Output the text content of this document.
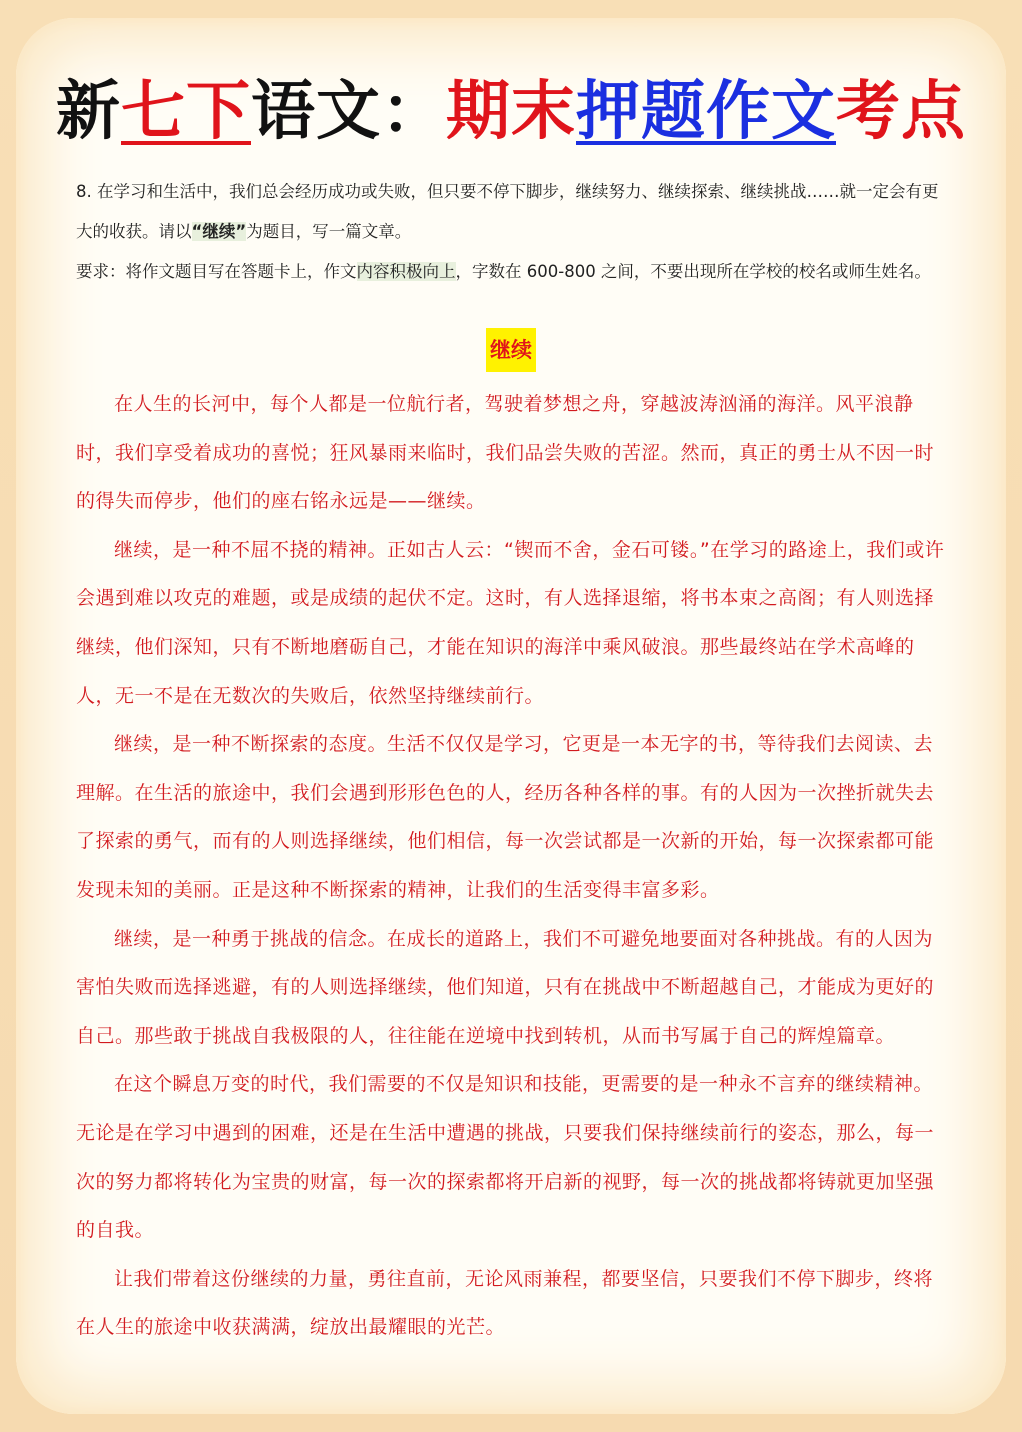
新七下语文：期末押题作文考点

8. 在学习和生活中，我们总会经历成功或失败，但只要不停下脚步，继续努力、继续探索、继续挑战……就一定会有更大的收获。请以“继续”为题目，写一篇文章。

要求：将作文题目写在答题卡上，作文内容积极向上，字数在 600-800 之间，不要出现所在学校的校名或师生姓名。

继续

在人生的长河中，每个人都是一位航行者，驾驶着梦想之舟，穿越波涛汹涌的海洋。风平浪静时，我们享受着成功的喜悦；狂风暴雨来临时，我们品尝失败的苦涩。然而，真正的勇士从不因一时的得失而停步，他们的座右铭永远是——继续。

继续，是一种不屈不挠的精神。正如古人云：“锲而不舍，金石可镂。”在学习的路途上，我们或许会遇到难以攻克的难题，或是成绩的起伏不定。这时，有人选择退缩，将书本束之高阁；有人则选择继续，他们深知，只有不断地磨砺自己，才能在知识的海洋中乘风破浪。那些最终站在学术高峰的人，无一不是在无数次的失败后，依然坚持继续前行。

继续，是一种不断探索的态度。生活不仅仅是学习，它更是一本无字的书，等待我们去阅读、去理解。在生活的旅途中，我们会遇到形形色色的人，经历各种各样的事。有的人因为一次挫折就失去了探索的勇气，而有的人则选择继续，他们相信，每一次尝试都是一次新的开始，每一次探索都可能发现未知的美丽。正是这种不断探索的精神，让我们的生活变得丰富多彩。

继续，是一种勇于挑战的信念。在成长的道路上，我们不可避免地要面对各种挑战。有的人因为害怕失败而选择逃避，有的人则选择继续，他们知道，只有在挑战中不断超越自己，才能成为更好的自己。那些敢于挑战自我极限的人，往往能在逆境中找到转机，从而书写属于自己的辉煌篇章。

在这个瞬息万变的时代，我们需要的不仅是知识和技能，更需要的是一种永不言弃的继续精神。无论是在学习中遇到的困难，还是在生活中遭遇的挑战，只要我们保持继续前行的姿态，那么，每一次的努力都将转化为宝贵的财富，每一次的探索都将开启新的视野，每一次的挑战都将铸就更加坚强的自我。

让我们带着这份继续的力量，勇往直前，无论风雨兼程，都要坚信，只要我们不停下脚步，终将在人生的旅途中收获满满，绽放出最耀眼的光芒。
